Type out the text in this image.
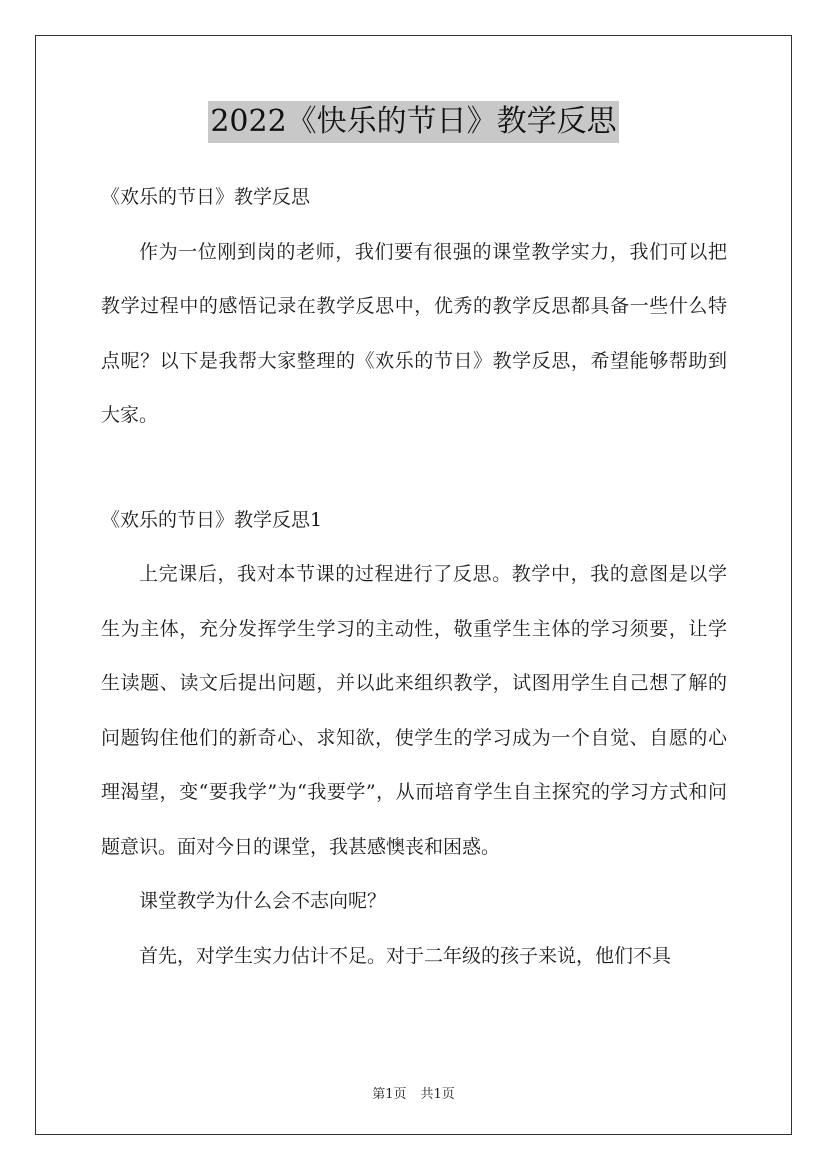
2022《快乐的节日》教学反思

《欢乐的节日》教学反思

作为一位刚到岗的老师，我们要有很强的课堂教学实力，我们可以把教学过程中的感悟记录在教学反思中，优秀的教学反思都具备一些什么特点呢？以下是我帮大家整理的《欢乐的节日》教学反思，希望能够帮助到大家。

《欢乐的节日》教学反思1

上完课后，我对本节课的过程进行了反思。教学中，我的意图是以学生为主体，充分发挥学生学习的主动性，敬重学生主体的学习须要，让学生读题、读文后提出问题，并以此来组织教学，试图用学生自己想了解的问题钩住他们的新奇心、求知欲，使学生的学习成为一个自觉、自愿的心理渴望，变“要我学”为“我要学”，从而培育学生自主探究的学习方式和问题意识。面对今日的课堂，我甚感懊丧和困惑。

课堂教学为什么会不志向呢？

首先，对学生实力估计不足。对于二年级的孩子来说，他们不具

第1页 共1页
